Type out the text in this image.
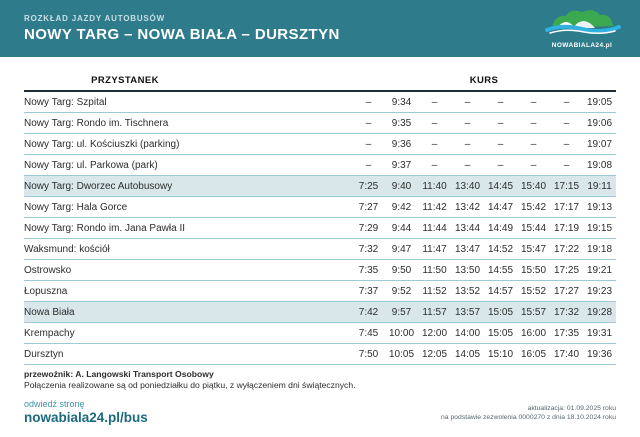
ROZKŁAD JAZDY AUTOBUSÓW
NOWY TARG – NOWA BIAŁA – DURSZTYN
NOWABIALA24.pl
PRZYSTANEK	KURS
Nowy Targ: Szpital	–	9:34	–	–	–	–	–	19:05
Nowy Targ: Rondo im. Tischnera	–	9:35	–	–	–	–	–	19:06
Nowy Targ: ul. Kościuszki (parking)	–	9:36	–	–	–	–	–	19:07
Nowy Targ: ul. Parkowa (park)	–	9:37	–	–	–	–	–	19:08
Nowy Targ: Dworzec Autobusowy	7:25	9:40	11:40 13:40 14:45 15:40 17:15 19:11
Nowy Targ: Hala Gorce	7:27	9:42	11:42 13:42 14:47 15:42 17:17 19:13
Nowy Targ: Rondo im. Jana Pawła II	7:29	9:44	11:44 13:44 14:49 15:44 17:19 19:15
Waksmund: kościół	7:32	9:47	11:47 13:47 14:52 15:47 17:22 19:18
Ostrowsko	7:35	9:50	11:50 13:50 14:55 15:50 17:25 19:21
Łopuszna	7:37	9:52	11:52 13:52 14:57 15:52 17:27 19:23
Nowa Biała	7:42	9:57	11:57 13:57 15:05 15:57 17:32 19:28
Krempachy	7:45	10:00 12:00 14:00 15:05 16:00 17:35 19:31
Dursztyn	7:50	10:05 12:05 14:05 15:10 16:05 17:40 19:36
przewoźnik: A. Langowski Transport Osobowy
Połączenia realizowane są od poniedziałku do piątku, z wyłączeniem dni świątecznych.
odwiedź stronę
nowabiala24.pl/bus
aktualizacja: 01.09.2025 roku
na podstawie zezwolenia 0000270 z dnia 18.10.2024 roku
